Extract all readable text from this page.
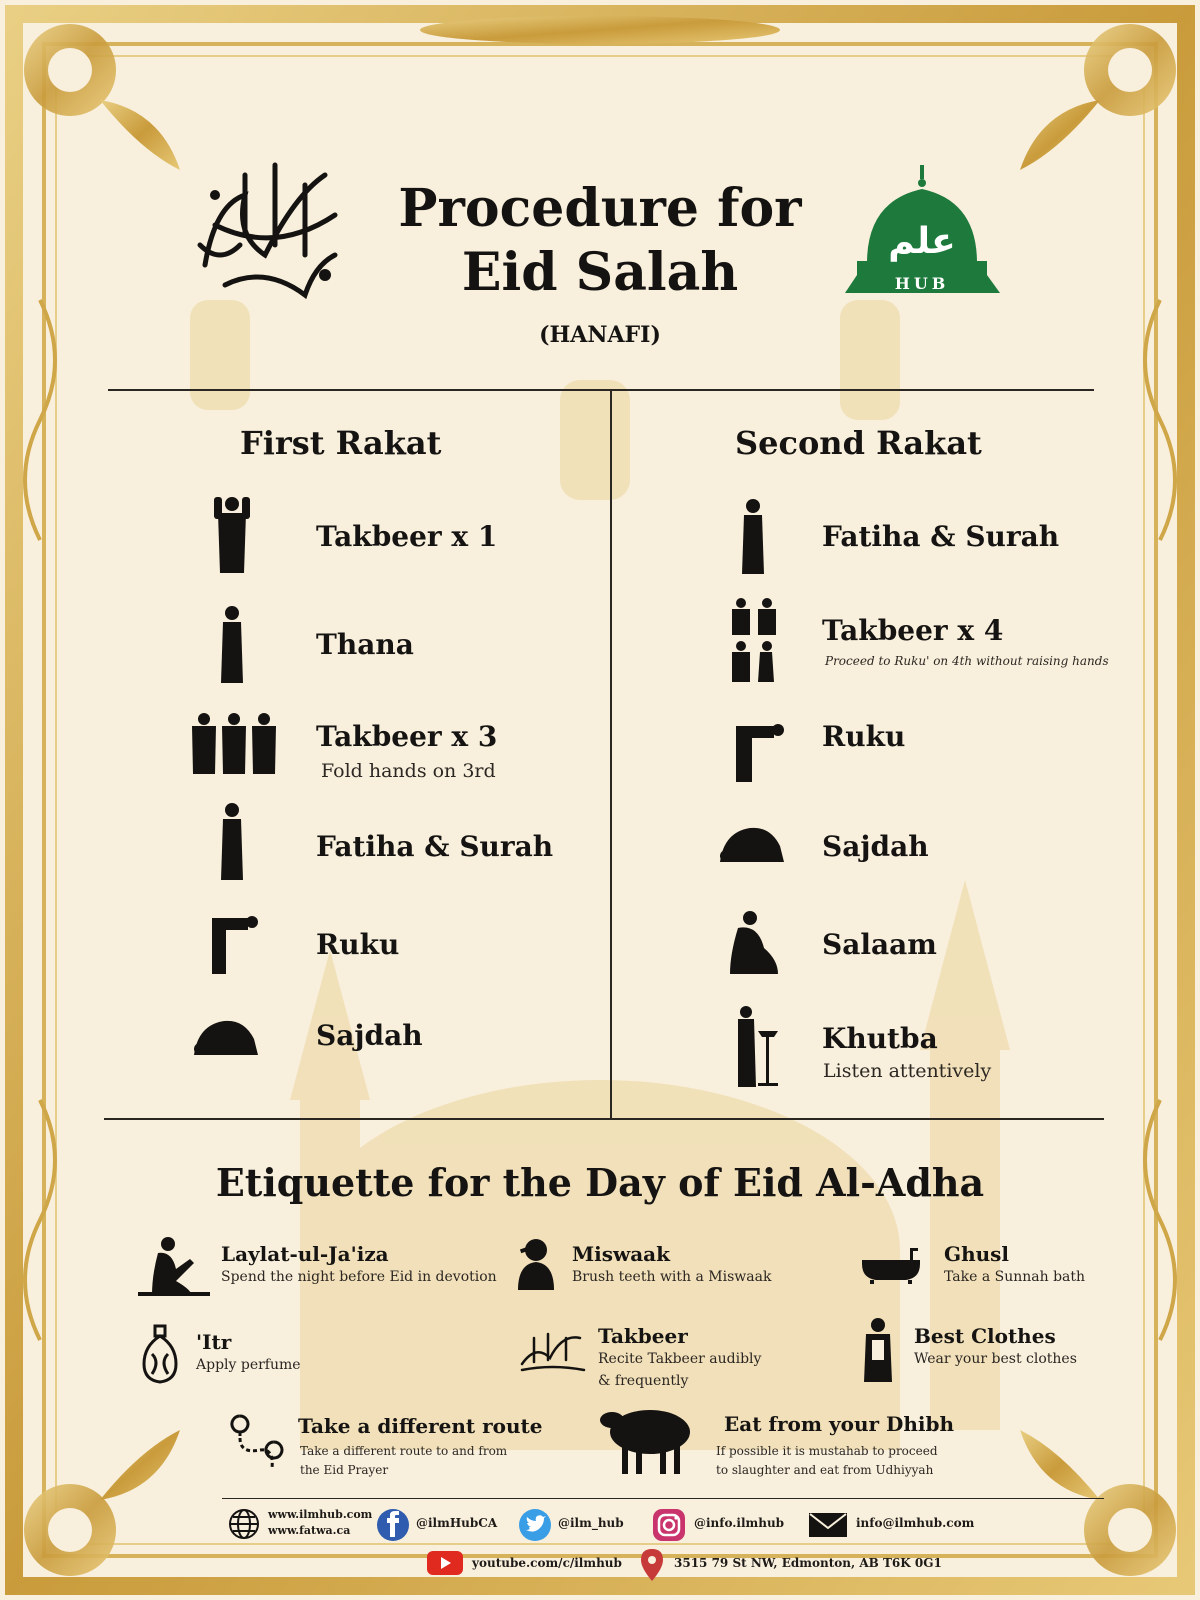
Procedure for
Eid Salah
(HANAFI)
علم
HUB
First Rakat
Takbeer x 1
Thana
Takbeer x 3
Fold hands on 3rd
Fatiha & Surah
Ruku
Sajdah
Second Rakat
Fatiha & Surah
Takbeer x 4
Proceed to Ruku' on 4th without raising hands
Ruku
Sajdah
Salaam
Khutba
Listen attentively
Etiquette for the Day of Eid Al-Adha
Laylat-ul-Ja'iza
Spend the night before Eid in devotion
Miswaak
Brush teeth with a Miswaak
Ghusl
Take a Sunnah bath
'Itr
Apply perfume
Takbeer
Recite Takbeer audibly
& frequently
Best Clothes
Wear your best clothes
Take a different route
Take a different route to and from
the Eid Prayer
Eat from your Dhibh
If possible it is mustahab to proceed
to slaughter and eat from Udhiyyah
www.ilmhub.com
www.fatwa.ca
@ilmHubCA	@ilm_hub	@info.ilmhub	info@ilmhub.com
youtube.com/c/ilmhub	3515 79 St NW, Edmonton, AB T6K 0G1
